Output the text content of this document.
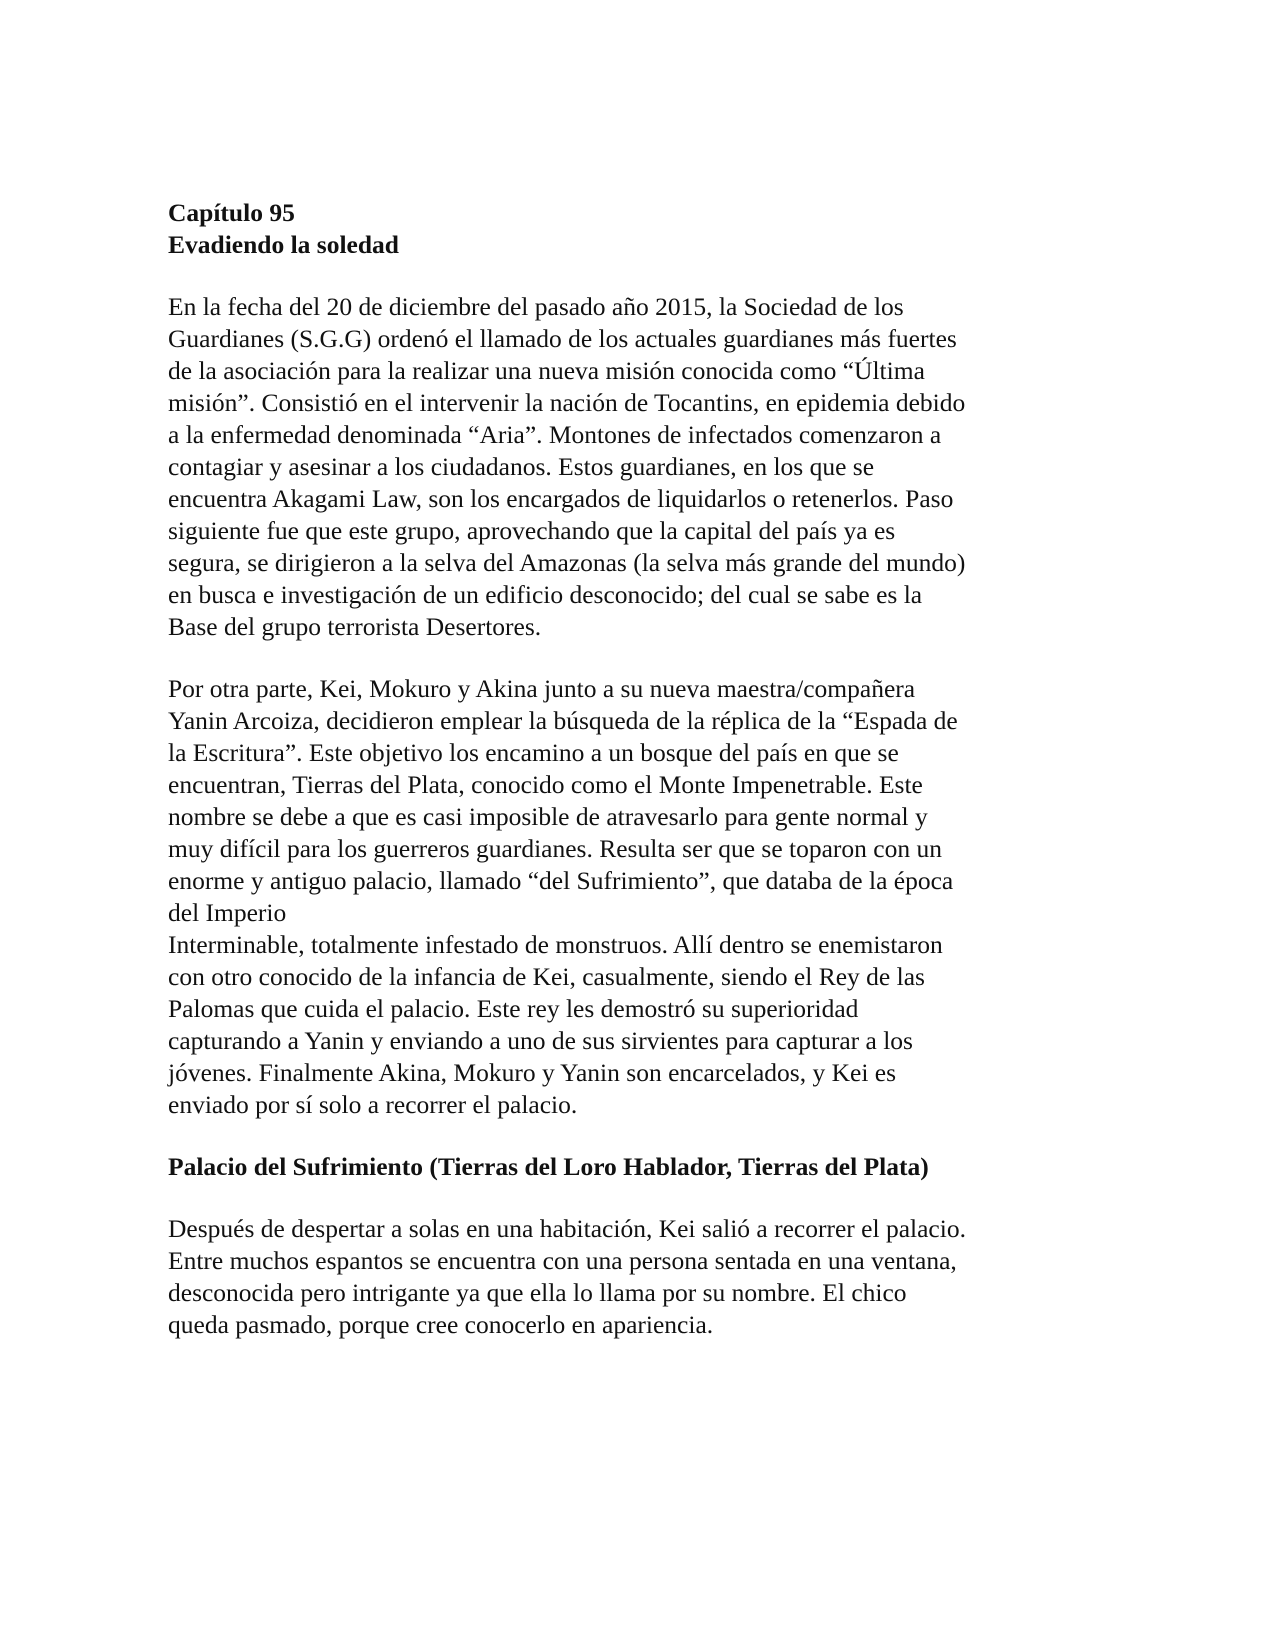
Capítulo 95
Evadiendo la soledad
En la fecha del 20 de diciembre del pasado año 2015, la Sociedad de los
Guardianes (S.G.G) ordenó el llamado de los actuales guardianes más fuertes
de la asociación para la realizar una nueva misión conocida como “Última
misión”. Consistió en el intervenir la nación de Tocantins, en epidemia debido
a la enfermedad denominada “Aria”. Montones de infectados comenzaron a
contagiar y asesinar a los ciudadanos. Estos guardianes, en los que se
encuentra Akagami Law, son los encargados de liquidarlos o retenerlos. Paso
siguiente fue que este grupo, aprovechando que la capital del país ya es
segura, se dirigieron a la selva del Amazonas (la selva más grande del mundo)
en busca e investigación de un edificio desconocido; del cual se sabe es la
Base del grupo terrorista Desertores.
Por otra parte, Kei, Mokuro y Akina junto a su nueva maestra/compañera
Yanin Arcoiza, decidieron emplear la búsqueda de la réplica de la “Espada de
la Escritura”. Este objetivo los encamino a un bosque del país en que se
encuentran, Tierras del Plata, conocido como el Monte Impenetrable. Este
nombre se debe a que es casi imposible de atravesarlo para gente normal y
muy difícil para los guerreros guardianes. Resulta ser que se toparon con un
enorme y antiguo palacio, llamado “del Sufrimiento”, que databa de la época
del Imperio
Interminable, totalmente infestado de monstruos. Allí dentro se enemistaron
con otro conocido de la infancia de Kei, casualmente, siendo el Rey de las
Palomas que cuida el palacio. Este rey les demostró su superioridad
capturando a Yanin y enviando a uno de sus sirvientes para capturar a los
jóvenes. Finalmente Akina, Mokuro y Yanin son encarcelados, y Kei es
enviado por sí solo a recorrer el palacio.
Palacio del Sufrimiento (Tierras del Loro Hablador, Tierras del Plata)
Después de despertar a solas en una habitación, Kei salió a recorrer el palacio.
Entre muchos espantos se encuentra con una persona sentada en una ventana,
desconocida pero intrigante ya que ella lo llama por su nombre. El chico
queda pasmado, porque cree conocerlo en apariencia.
